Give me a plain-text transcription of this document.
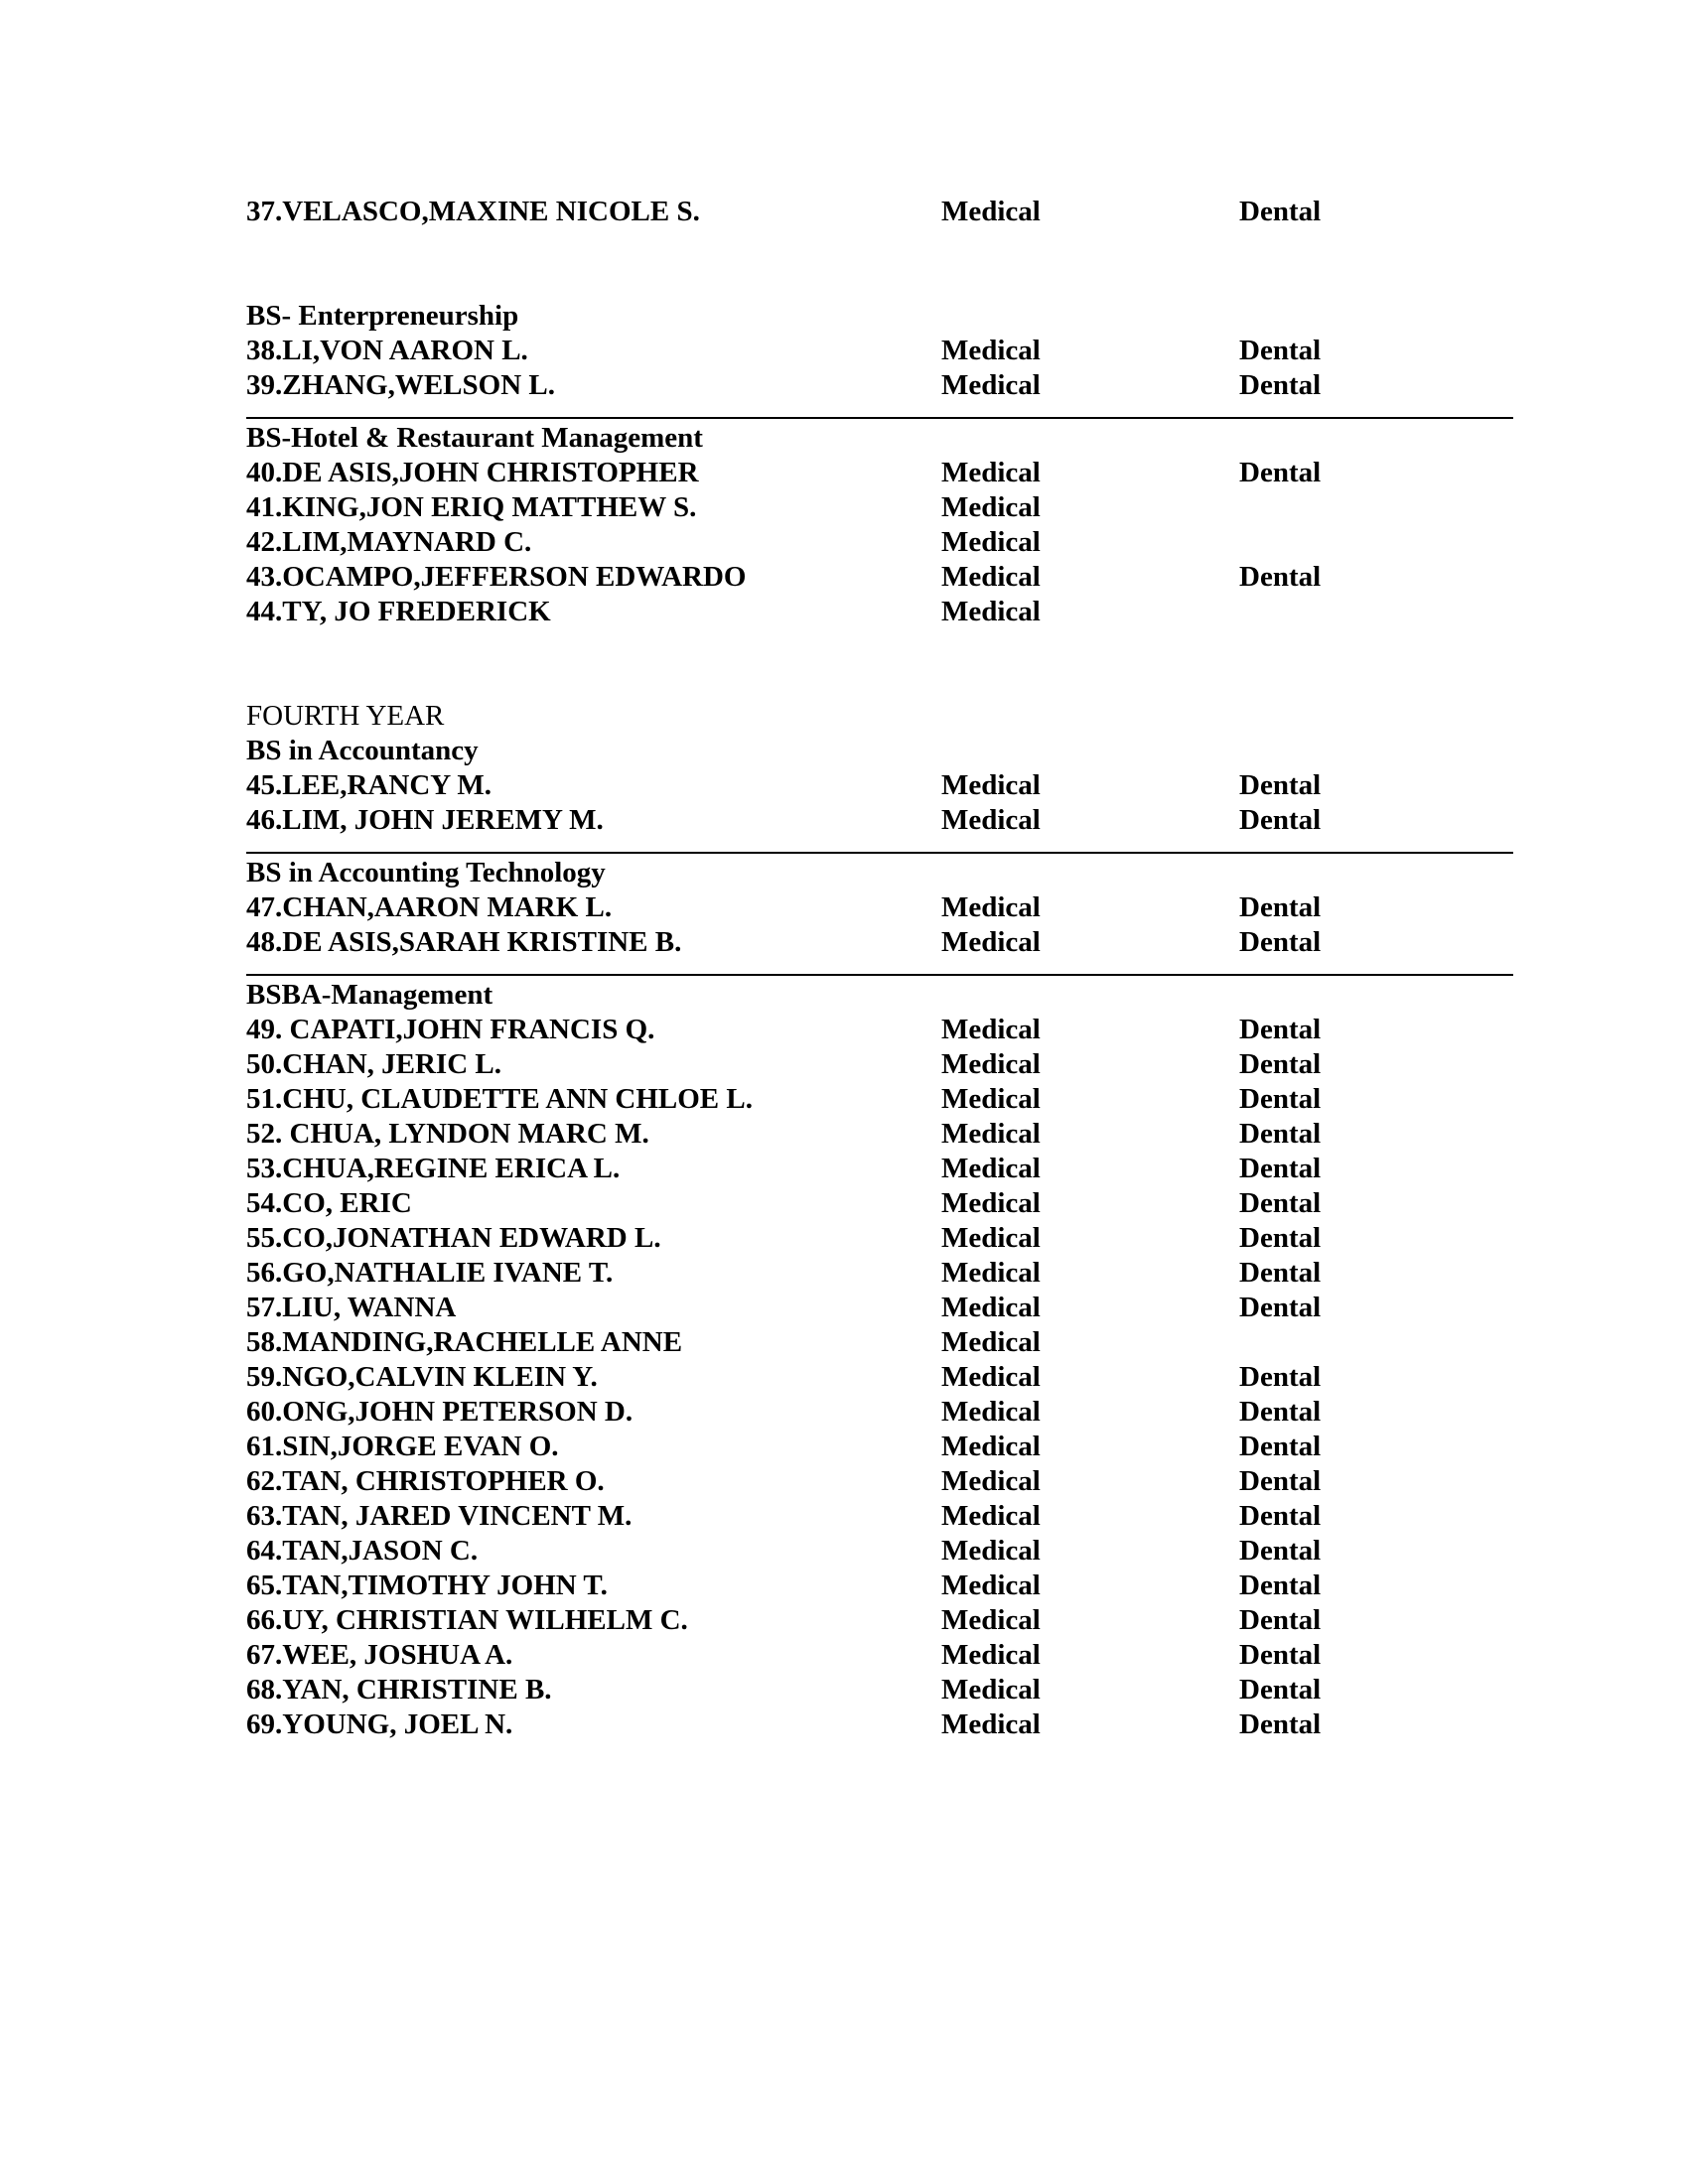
37.VELASCO,MAXINE NICOLE S.	Medical	Dental
BS- Enterpreneurship
38.LI,VON AARON L.	Medical	Dental
39.ZHANG,WELSON L.	Medical	Dental
BS-Hotel & Restaurant Management
40.DE ASIS,JOHN CHRISTOPHER	Medical	Dental
41.KING,JON ERIQ MATTHEW S.	Medical
42.LIM,MAYNARD C.	Medical
43.OCAMPO,JEFFERSON EDWARDO	Medical	Dental
44.TY, JO FREDERICK	Medical
FOURTH YEAR
BS in Accountancy
45.LEE,RANCY M.	Medical	Dental
46.LIM, JOHN JEREMY M.	Medical	Dental
BS in Accounting Technology
47.CHAN,AARON MARK L.	Medical	Dental
48.DE ASIS,SARAH KRISTINE B.	Medical	Dental
BSBA-Management
49. CAPATI,JOHN FRANCIS Q.	Medical	Dental
50.CHAN, JERIC L.	Medical	Dental
51.CHU, CLAUDETTE ANN CHLOE L.	Medical	Dental
52. CHUA, LYNDON MARC M.	Medical	Dental
53.CHUA,REGINE ERICA L.	Medical	Dental
54.CO, ERIC	Medical	Dental
55.CO,JONATHAN EDWARD L.	Medical	Dental
56.GO,NATHALIE IVANE T.	Medical	Dental
57.LIU, WANNA	Medical	Dental
58.MANDING,RACHELLE ANNE	Medical
59.NGO,CALVIN KLEIN Y.	Medical	Dental
60.ONG,JOHN PETERSON D.	Medical	Dental
61.SIN,JORGE EVAN O.	Medical	Dental
62.TAN, CHRISTOPHER O.	Medical	Dental
63.TAN, JARED VINCENT M.	Medical	Dental
64.TAN,JASON C.	Medical	Dental
65.TAN,TIMOTHY JOHN T.	Medical	Dental
66.UY, CHRISTIAN WILHELM C.	Medical	Dental
67.WEE, JOSHUA A.	Medical	Dental
68.YAN, CHRISTINE B.	Medical	Dental
69.YOUNG, JOEL N.	Medical	Dental
